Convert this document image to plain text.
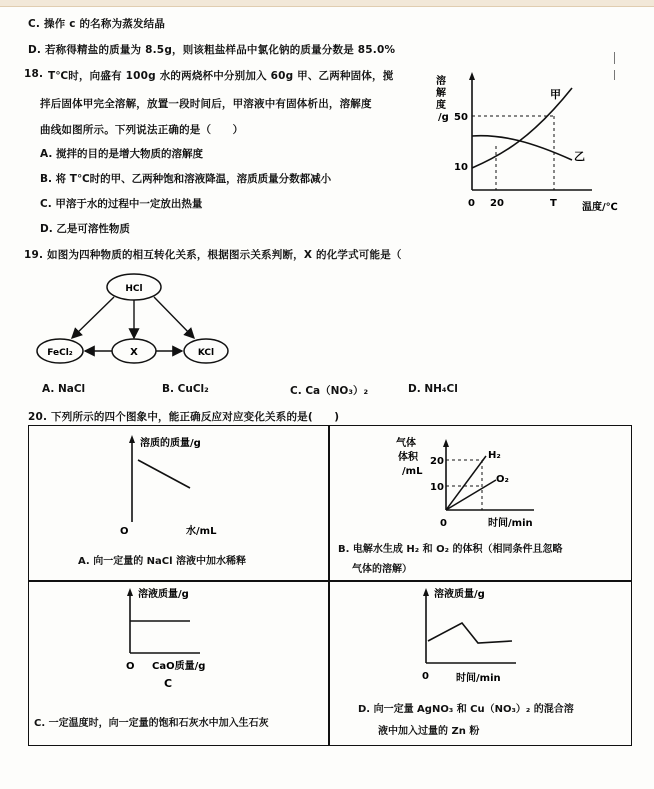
C. 操作 c 的名称为蒸发结晶
D. 若称得精盐的质量为 8.5g，则该粗盐样品中氯化钠的质量分数是 85.0%
18. T℃时，向盛有 100g 水的两烧杯中分别加入 60g 甲、乙两种固体，搅
拌后固体甲完全溶解，放置一段时间后，甲溶液中有固体析出，溶解度
曲线如图所示。下列说法正确的是（　　）
A. 搅拌的目的是增大物质的溶解度
B. 将 T℃时的甲、乙两种饱和溶液降温，溶质质量分数都减小
C. 甲溶于水的过程中一定放出热量
D. 乙是可溶性物质
溶解度/g 50
10
0 20	T
甲
乙
温度/℃
19. 如图为四种物质的相互转化关系，根据图示关系判断，X 的化学式可能是（
HCl
FeCl₂	X	KCl
A. NaCl	B. CuCl₂	C. Ca（NO₃）₂	D. NH₄Cl
20. 下列所示的四个图象中，能正确反应对应变化关系的是(　　)
溶质的质量/g
O	水/mL
A. 向一定量的 NaCl 溶液中加水稀释
气体
体积
/mL
20
10
H₂
O₂
0	时间/min
B. 电解水生成 H₂ 和 O₂ 的体积（相同条件且忽略
气体的溶解）
溶液质量/g
O CaO质量/g
C
C. 一定温度时，向一定量的饱和石灰水中加入生石灰
溶液质量/g
0	时间/min
D. 向一定量 AgNO₃ 和 Cu（NO₃）₂ 的混合溶
液中加入过量的 Zn 粉
